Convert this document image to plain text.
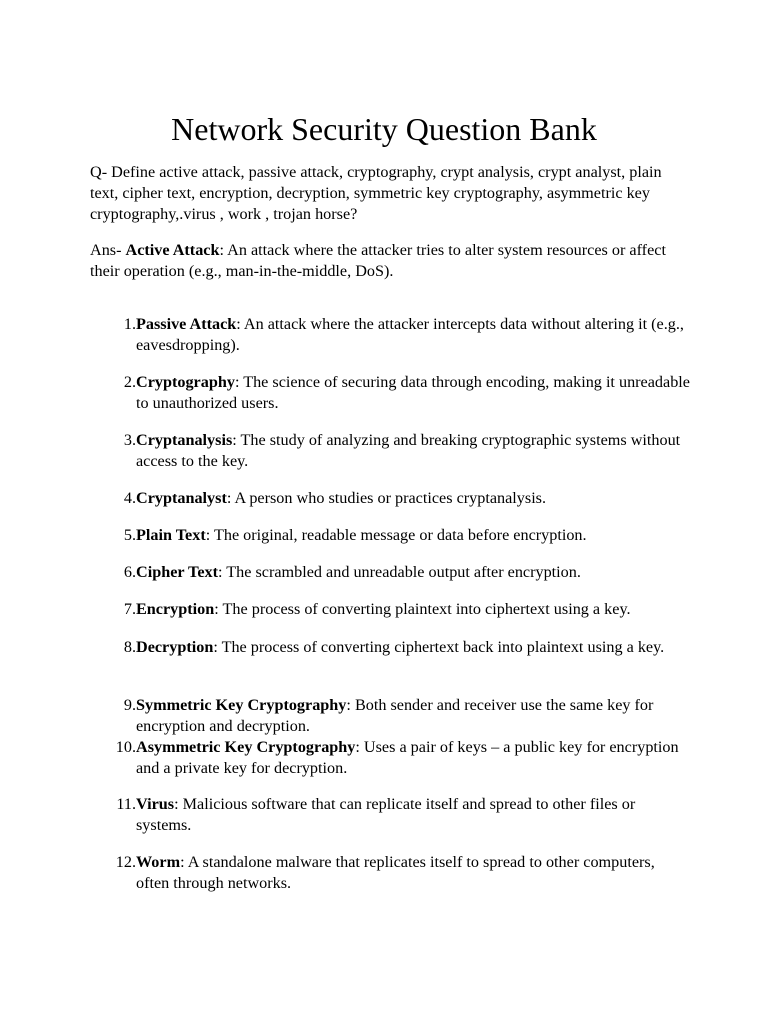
Network Security Question Bank

Q- Define active attack, passive attack, cryptography, crypt analysis, crypt analyst, plain text, cipher text, encryption, decryption, symmetric key cryptography, asymmetric key cryptography,.virus , work , trojan horse?

Ans- Active Attack: An attack where the attacker tries to alter system resources or affect their operation (e.g., man-in-the-middle, DoS).

1. Passive Attack: An attack where the attacker intercepts data without altering it (e.g., eavesdropping).
2. Cryptography: The science of securing data through encoding, making it unreadable to unauthorized users.
3. Cryptanalysis: The study of analyzing and breaking cryptographic systems without access to the key.
4. Cryptanalyst: A person who studies or practices cryptanalysis.
5. Plain Text: The original, readable message or data before encryption.
6. Cipher Text: The scrambled and unreadable output after encryption.
7. Encryption: The process of converting plaintext into ciphertext using a key.
8. Decryption: The process of converting ciphertext back into plaintext using a key.
9. Symmetric Key Cryptography: Both sender and receiver use the same key for encryption and decryption.
10. Asymmetric Key Cryptography: Uses a pair of keys – a public key for encryption and a private key for decryption.
11. Virus: Malicious software that can replicate itself and spread to other files or systems.
12. Worm: A standalone malware that replicates itself to spread to other computers, often through networks.
